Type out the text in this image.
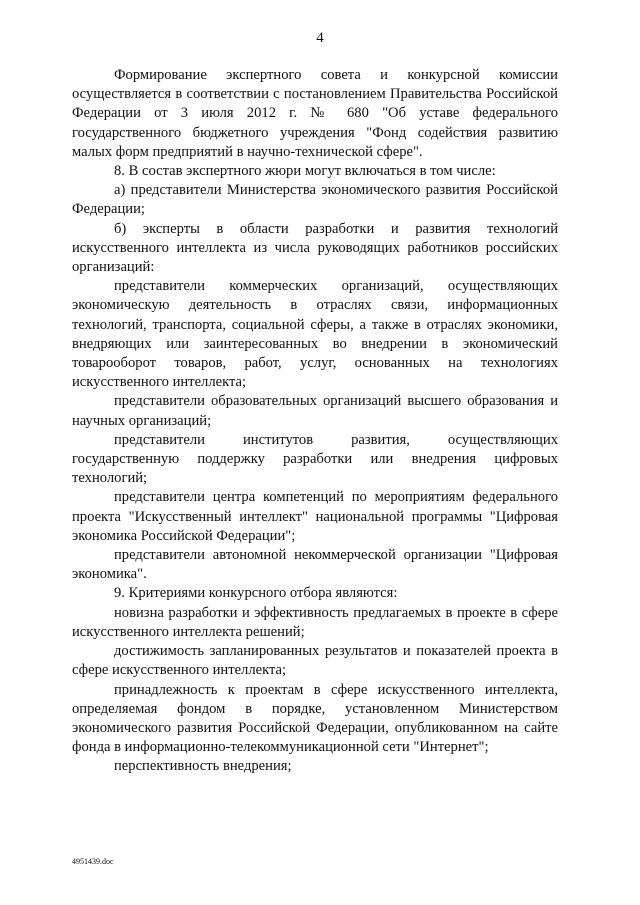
4

Формирование экспертного совета и конкурсной комиссии осуществляется в соответствии с постановлением Правительства Российской Федерации от 3 июля 2012 г. № 680 "Об уставе федерального государственного бюджетного учреждения "Фонд содействия развитию малых форм предприятий в научно-технической сфере".

8. В состав экспертного жюри могут включаться в том числе:

а) представители Министерства экономического развития Российской Федерации;

б) эксперты в области разработки и развития технологий искусственного интеллекта из числа руководящих работников российских организаций:

представители коммерческих организаций, осуществляющих экономическую деятельность в отраслях связи, информационных технологий, транспорта, социальной сферы, а также в отраслях экономики, внедряющих или заинтересованных во внедрении в экономический товарооборот товаров, работ, услуг, основанных на технологиях искусственного интеллекта;

представители образовательных организаций высшего образования и научных организаций;

представители институтов развития, осуществляющих государственную поддержку разработки или внедрения цифровых технологий;

представители центра компетенций по мероприятиям федерального проекта "Искусственный интеллект" национальной программы "Цифровая экономика Российской Федерации";

представители автономной некоммерческой организации "Цифровая экономика".

9. Критериями конкурсного отбора являются:

новизна разработки и эффективность предлагаемых в проекте в сфере искусственного интеллекта решений;

достижимость запланированных результатов и показателей проекта в сфере искусственного интеллекта;

принадлежность к проектам в сфере искусственного интеллекта, определяемая фондом в порядке, установленном Министерством экономического развития Российской Федерации, опубликованном на сайте фонда в информационно-телекоммуникационной сети "Интернет";

перспективность внедрения;

4951439.doc
